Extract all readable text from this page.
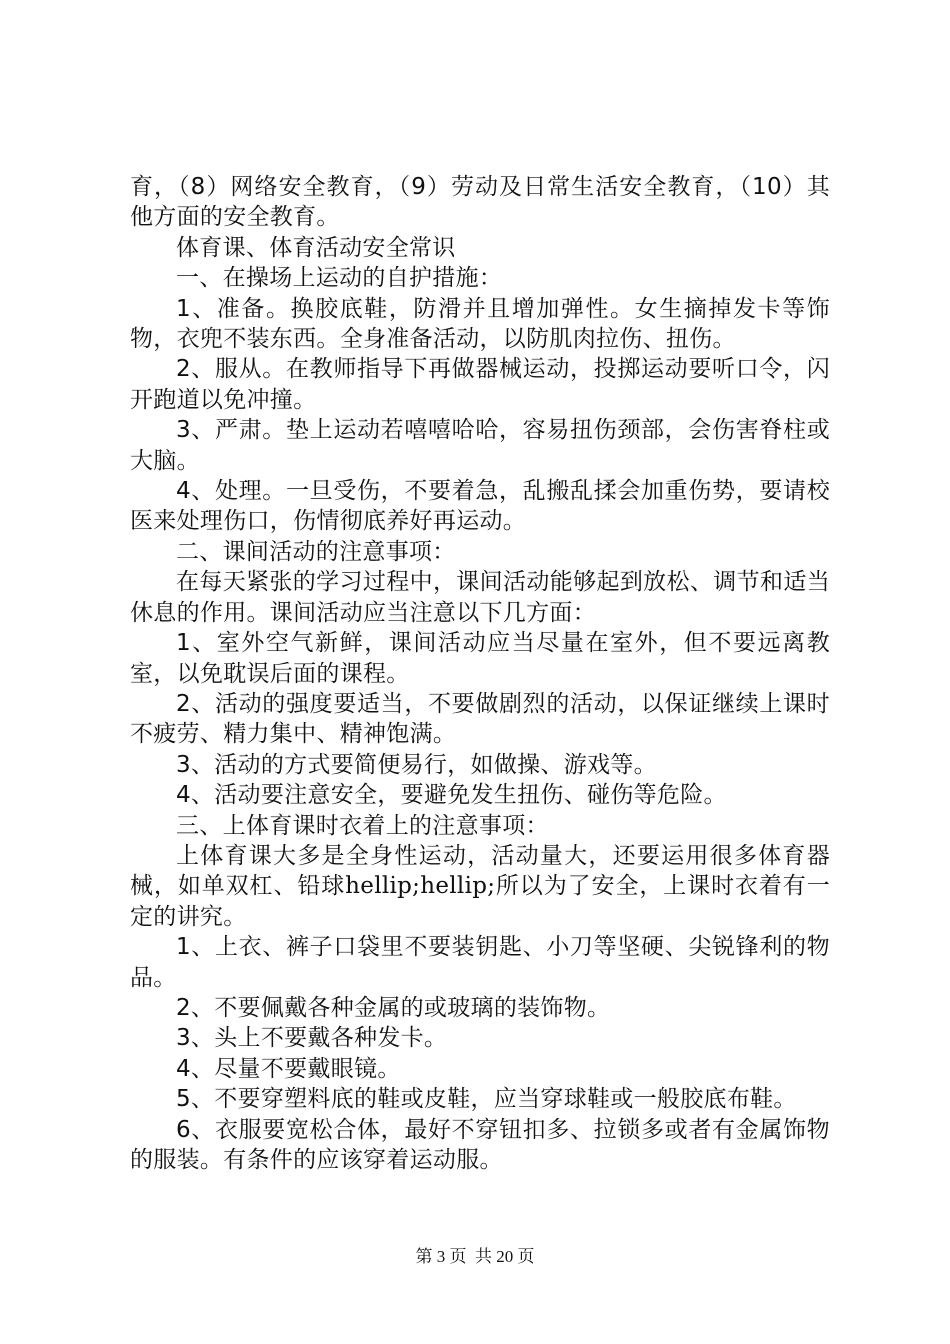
育，（8）网络安全教育，（9）劳动及日常生活安全教育，（10）其他方面的安全教育。

体育课、体育活动安全常识

一、在操场上运动的自护措施：

1、准备。换胶底鞋，防滑并且增加弹性。女生摘掉发卡等饰物，衣兜不装东西。全身准备活动，以防肌肉拉伤、扭伤。

2、服从。在教师指导下再做器械运动，投掷运动要听口令，闪开跑道以免冲撞。

3、严肃。垫上运动若嘻嘻哈哈，容易扭伤颈部，会伤害脊柱或大脑。

4、处理。一旦受伤，不要着急，乱搬乱揉会加重伤势，要请校医来处理伤口，伤情彻底养好再运动。

二、课间活动的注意事项：

在每天紧张的学习过程中，课间活动能够起到放松、调节和适当休息的作用。课间活动应当注意以下几方面：

1、室外空气新鲜，课间活动应当尽量在室外，但不要远离教室，以免耽误后面的课程。

2、活动的强度要适当，不要做剧烈的活动，以保证继续上课时不疲劳、精力集中、精神饱满。

3、活动的方式要简便易行，如做操、游戏等。

4、活动要注意安全，要避免发生扭伤、碰伤等危险。

三、上体育课时衣着上的注意事项：

上体育课大多是全身性运动，活动量大，还要运用很多体育器械，如单双杠、铅球hellip;hellip;所以为了安全，上课时衣着有一定的讲究。

1、上衣、裤子口袋里不要装钥匙、小刀等坚硬、尖锐锋利的物品。

2、不要佩戴各种金属的或玻璃的装饰物。

3、头上不要戴各种发卡。

4、尽量不要戴眼镜。

5、不要穿塑料底的鞋或皮鞋，应当穿球鞋或一般胶底布鞋。

6、衣服要宽松合体，最好不穿钮扣多、拉锁多或者有金属饰物的服装。有条件的应该穿着运动服。

第 3 页 共 20 页
